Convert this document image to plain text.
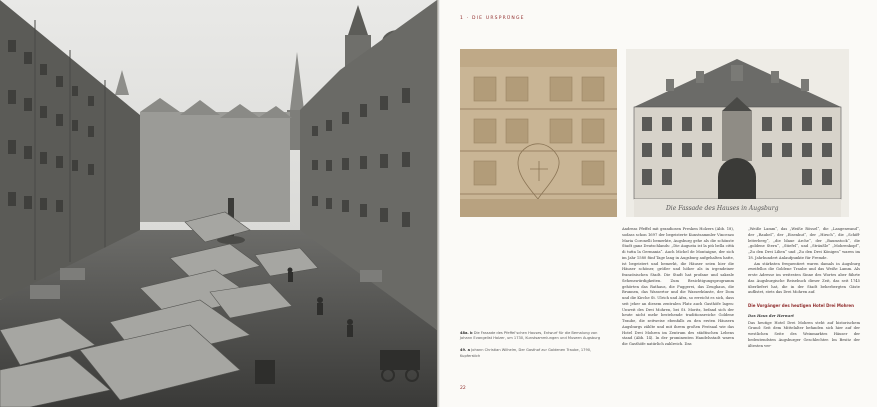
1 · DIE URSPRÜNGE
Die Fassade des Hauses in Augsburg

48a. b Die Fassade des Pfeffel’schen Hauses, Entwurf für die Bemalung von Johann Evangelist Holzer, um 1730, Kunstsammlungen und Museen Augsburg

49. a Johann Christian Wilhelm, Der Gasthof zur Goldenen Traube, 1790, Kupferstich

Andreas Pfeffel mit grandiosen Fresken Holzers (Abb. 18), sodass schon 1697 der begeisterte Kunstsammler Vincenzo Maria Coronelli bemerkte, Augsburg gehe als die schönste Stadt ganz Deutschlands: „Die Augusta ist la più bella città di tutta la Germania“. Auch Michel de Montaigne, der sich im Jahr 1580 fünf Tage lang in Augsburg aufgehalten hatte, ist begeistert und bemerkt, die Häuser seien hier die Häuser schöner, größer und höher als in irgendeiner französischen Stadt. Die Stadt hat profane und sakrale Sehenswürdigkeiten. Zum Besichtigungsprogramm gehörten das Rathaus, die Fuggerei, das Zeughaus, die Brunnen, das Wassertor und die Wasserkünste, der Dom und die Kirche St. Ulrich und Afra, so erreicht es sich, dass seit jeher an diesem zentralen Platz auch Gasthöfe lagen: Unweit des Drei Mohren, bei St. Moritz, befand sich der heute nicht mehr bestehende traditionsreiche Goldene Traube, die zeitweise ebenfalls zu den ersten Häusern Augsburgs zählte und mit ihrem großen Festsaal wie das Hotel Drei Mohren im Zentrum des städtischen Lebens stand (Abb. 14). In der prominenten Handelsstadt waren die Gasthöfe natürlich zahlreich. Das

„Weiße Lamm“, das „Weiße Rössel“, die „Langenwand“, der „Raubel“, der „Eisenhut“, der „Hirsch“, die „Schiff-leiterberg“, „die blaue Arche“, der „Baumstock“, die „goldene Stern“, „Stiefel“, und „Sträußle“ „Mohrenkopf“, „Zu den Drei Lilien“ und „Zu den Drei Königen“ waren im 18. Jahrhundert Anlaufpunkte für Fremde.

Am stärksten frequentiert waren damals in Augsburg zweifellos die Goldene Traube und das Weiße Lamm. Als erste Adresse im weitesten Sinne des Wortes aber führte das Augsburgische Reisebuch dieser Zeit, das seit 1745 überliefert hat, die in der Stadt beherbergten Gäste auflistet, stets das Drei Mohren auf.

Die Vorgänger des heutigen Hotel Drei Mohren

Das Haus der Herwart

Das heutige Hotel Drei Mohren steht auf historischem Grund: Seit dem Mittelalter befanden sich hier auf der westlichen Seite des Weinmarktes Häuser der bedeutendsten Augsburger Geschlechter. Im Besitz der ältesten ver-

22
